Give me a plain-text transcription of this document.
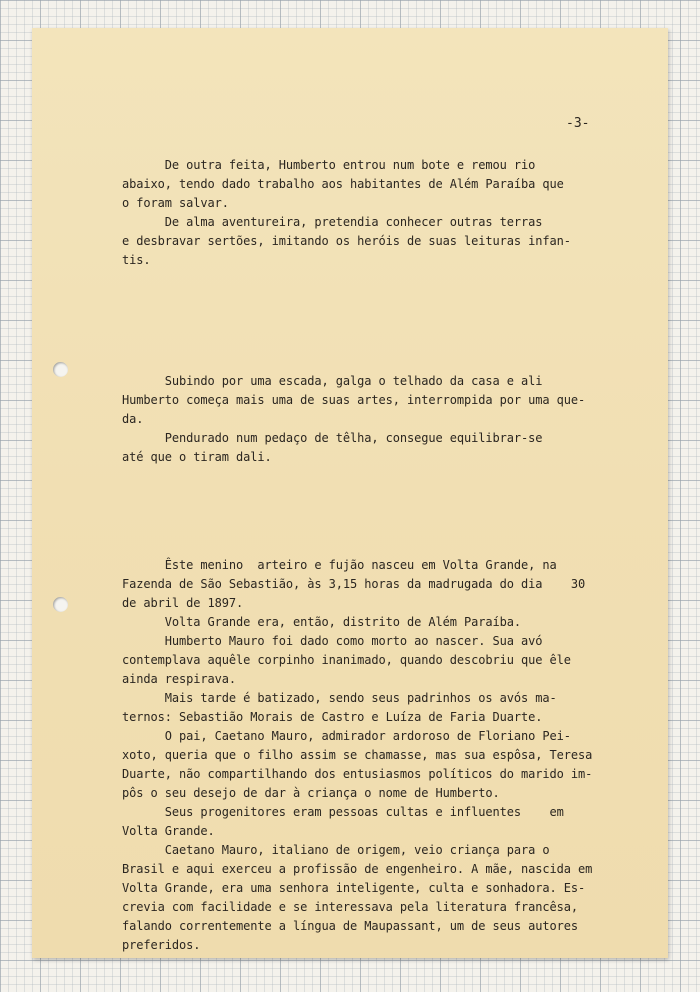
-3-

De outra feita, Humberto entrou num bote e remou rio
abaixo, tendo dado trabalho aos habitantes de Além Paraíba que
o foram salvar.
De alma aventureira, pretendia conhecer outras terras
e desbravar sertões, imitando os heróis de suas leituras infan-
tis.

Subindo por uma escada, galga o telhado da casa e ali
Humberto começa mais uma de suas artes, interrompida por uma que-
da.
Pendurado num pedaço de têlha, consegue equilibrar-se
até que o tiram dali.

Êste menino  arteiro e fujão nasceu em Volta Grande, na
Fazenda de São Sebastião, às 3,15 horas da madrugada do dia    30
de abril de 1897.
Volta Grande era, então, distrito de Além Paraíba.
Humberto Mauro foi dado como morto ao nascer. Sua avó
contemplava aquêle corpinho inanimado, quando descobriu que êle
ainda respirava.
Mais tarde é batizado, sendo seus padrinhos os avós ma-
ternos: Sebastião Morais de Castro e Luíza de Faria Duarte.
O pai, Caetano Mauro, admirador ardoroso de Floriano Pei-
xoto, queria que o filho assim se chamasse, mas sua espôsa, Teresa
Duarte, não compartilhando dos entusiasmos políticos do marido im-
pôs o seu desejo de dar à criança o nome de Humberto.
Seus progenitores eram pessoas cultas e influentes    em
Volta Grande.
Caetano Mauro, italiano de origem, veio criança para o
Brasil e aqui exerceu a profissão de engenheiro. A mãe, nascida em
Volta Grande, era uma senhora inteligente, culta e sonhadora. Es-
crevia com facilidade e se interessava pela literatura francêsa,
falando correntemente a língua de Maupassant, um de seus autores
preferidos.
